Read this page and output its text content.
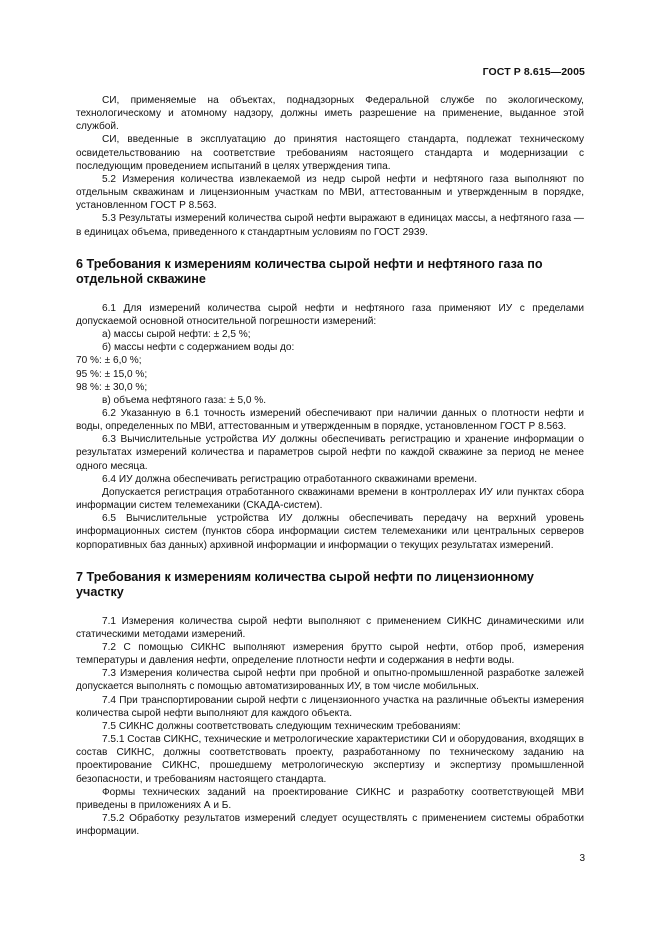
ГОСТ Р 8.615—2005

СИ, применяемые на объектах, поднадзорных Федеральной службе по экологическому, технологическому и атомному надзору, должны иметь разрешение на применение, выданное этой службой.

СИ, введенные в эксплуатацию до принятия настоящего стандарта, подлежат техническому освидетельствованию на соответствие требованиям настоящего стандарта и модернизации с последующим проведением испытаний в целях утверждения типа.

5.2 Измерения количества извлекаемой из недр сырой нефти и нефтяного газа выполняют по отдельным скважинам и лицензионным участкам по МВИ, аттестованным и утвержденным в порядке, установленном ГОСТ Р 8.563.

5.3 Результаты измерений количества сырой нефти выражают в единицах массы, а нефтяного газа — в единицах объема, приведенного к стандартным условиям по ГОСТ 2939.

6 Требования к измерениям количества сырой нефти и нефтяного газа по отдельной скважине

6.1 Для измерений количества сырой нефти и нефтяного газа применяют ИУ с пределами допускаемой основной относительной погрешности измерений:

а) массы сырой нефти: ± 2,5 %;

б) массы нефти с содержанием воды до:

70 %: ± 6,0 %;

95 %: ± 15,0 %;

98 %: ± 30,0 %;

в) объема нефтяного газа: ± 5,0 %.

6.2 Указанную в 6.1 точность измерений обеспечивают при наличии данных о плотности нефти и воды, определенных по МВИ, аттестованным и утвержденным в порядке, установленном ГОСТ Р 8.563.

6.3 Вычислительные устройства ИУ должны обеспечивать регистрацию и хранение информации о результатах измерений количества и параметров сырой нефти по каждой скважине за период не менее одного месяца.

6.4 ИУ должна обеспечивать регистрацию отработанного скважинами времени.

Допускается регистрация отработанного скважинами времени в контроллерах ИУ или пунктах сбора информации систем телемеханики (СКАДА-систем).

6.5 Вычислительные устройства ИУ должны обеспечивать передачу на верхний уровень информационных систем (пунктов сбора информации систем телемеханики или центральных серверов корпоративных баз данных) архивной информации и информации о текущих результатах измерений.

7 Требования к измерениям количества сырой нефти по лицензионному участку

7.1 Измерения количества сырой нефти выполняют с применением СИКНС динамическими или статическими методами измерений.

7.2 С помощью СИКНС выполняют измерения брутто сырой нефти, отбор проб, измерения температуры и давления нефти, определение плотности нефти и содержания в нефти воды.

7.3 Измерения количества сырой нефти при пробной и опытно-промышленной разработке залежей допускается выполнять с помощью автоматизированных ИУ, в том числе мобильных.

7.4 При транспортировании сырой нефти с лицензионного участка на различные объекты измерения количества сырой нефти выполняют для каждого объекта.

7.5 СИКНС должны соответствовать следующим техническим требованиям:

7.5.1 Состав СИКНС, технические и метрологические характеристики СИ и оборудования, входящих в состав СИКНС, должны соответствовать проекту, разработанному по техническому заданию на проектирование СИКНС, прошедшему метрологическую экспертизу и экспертизу промышленной безопасности, и требованиям настоящего стандарта.

Формы технических заданий на проектирование СИКНС и разработку соответствующей МВИ приведены в приложениях А и Б.

7.5.2 Обработку результатов измерений следует осуществлять с применением системы обработки информации.

3
